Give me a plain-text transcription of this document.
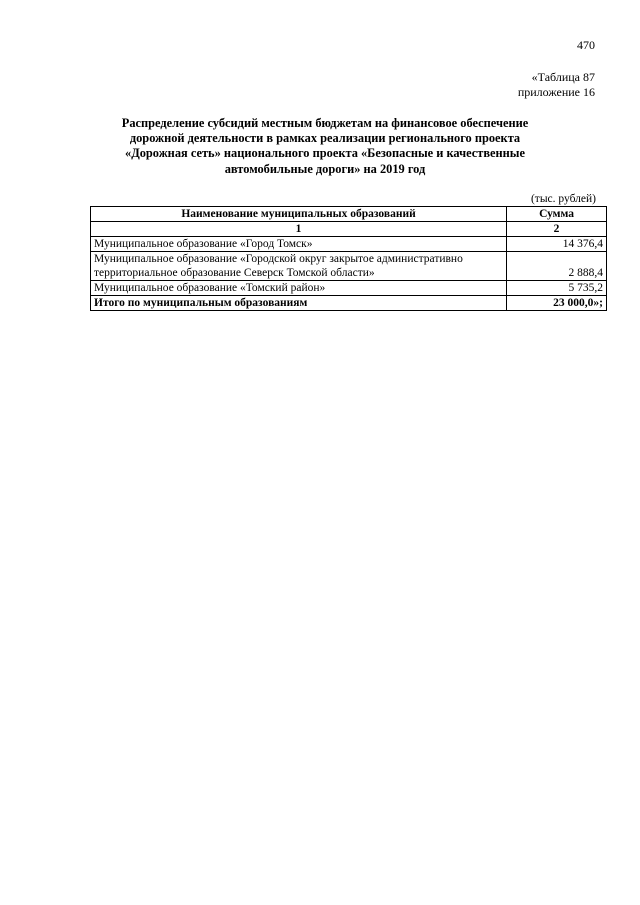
470
«Таблица 87
приложение 16
Распределение субсидий местным бюджетам на финансовое обеспечение
дорожной деятельности в рамках реализации регионального проекта
«Дорожная сеть» национального проекта «Безопасные и качественные
автомобильные дороги» на 2019 год
(тыс. рублей)
Наименование муниципальных образований	Сумма
1	2
Муниципальное образование «Город Томск»	14 376,4
Муниципальное образование «Городской округ закрытое административно территориальное образование Северск Томской области»	2 888,4
Муниципальное образование «Томский район»	5 735,2
Итого по муниципальным образованиям	23 000,0»;
